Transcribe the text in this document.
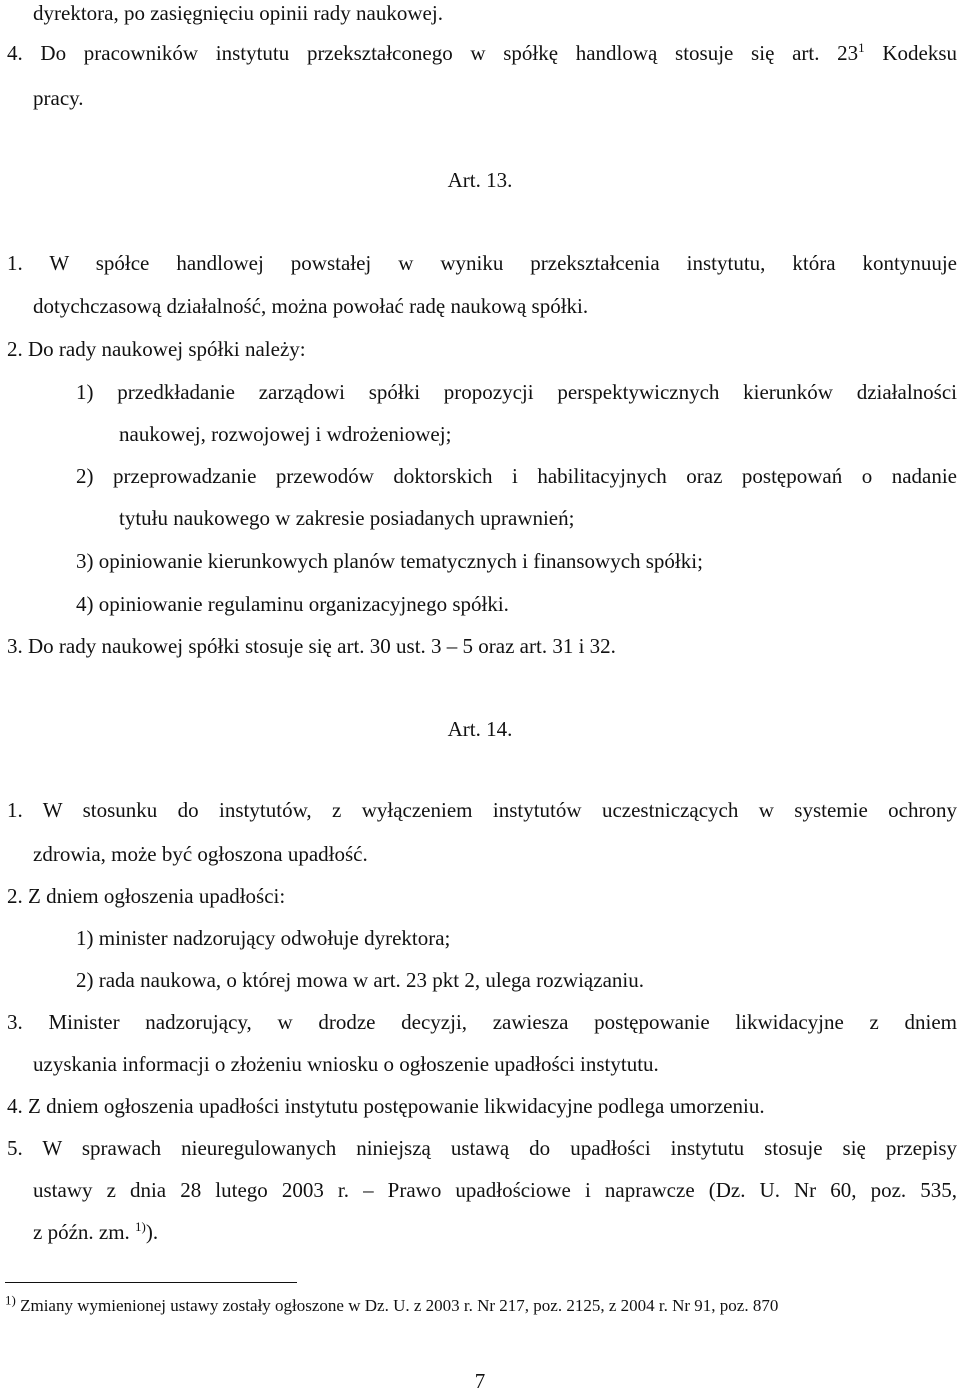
dyrektora, po zasięgnięciu opinii rady naukowej.
4. Do pracowników instytutu przekształconego w spółkę handlową stosuje się art. $23^1$ Kodeksu
pracy.
Art. 13.
1. W spółce handlowej powstałej w wyniku przekształcenia instytutu, która kontynuuje
dotychczasową działalność, można powołać radę naukową spółki.
2. Do rady naukowej spółki należy:
1) przedkładanie zarządowi spółki propozycji perspektywicznych kierunków działalności
naukowej, rozwojowej i wdrożeniowej;
2) przeprowadzanie przewodów doktorskich i habilitacyjnych oraz postępowań o nadanie
tytułu naukowego w zakresie posiadanych uprawnień;
3) opiniowanie kierunkowych planów tematycznych i finansowych spółki;
4) opiniowanie regulaminu organizacyjnego spółki.
3. Do rady naukowej spółki stosuje się art. 30 ust. 3 – 5 oraz art. 31 i 32.
Art. 14.
1. W stosunku do instytutów, z wyłączeniem instytutów uczestniczących w systemie ochrony
zdrowia, może być ogłoszona upadłość.
2. Z dniem ogłoszenia upadłości:
1) minister nadzorujący odwołuje dyrektora;
2) rada naukowa, o której mowa w art. 23 pkt 2, ulega rozwiązaniu.
3. Minister nadzorujący, w drodze decyzji, zawiesza postępowanie likwidacyjne z dniem
uzyskania informacji o złożeniu wniosku o ogłoszenie upadłości instytutu.
4. Z dniem ogłoszenia upadłości instytutu postępowanie likwidacyjne podlega umorzeniu.
5. W sprawach nieuregulowanych niniejszą ustawą do upadłości instytutu stosuje się przepisy
ustawy z dnia 28 lutego 2003 r. – Prawo upadłościowe i naprawcze (Dz. U. Nr 60, poz. 535,
z późn. zm. $^{1)}$).
$^{1)}$ Zmiany wymienionej ustawy zostały ogłoszone w Dz. U. z 2003 r. Nr 217, poz. 2125, z 2004 r. Nr 91, poz. 870
7
